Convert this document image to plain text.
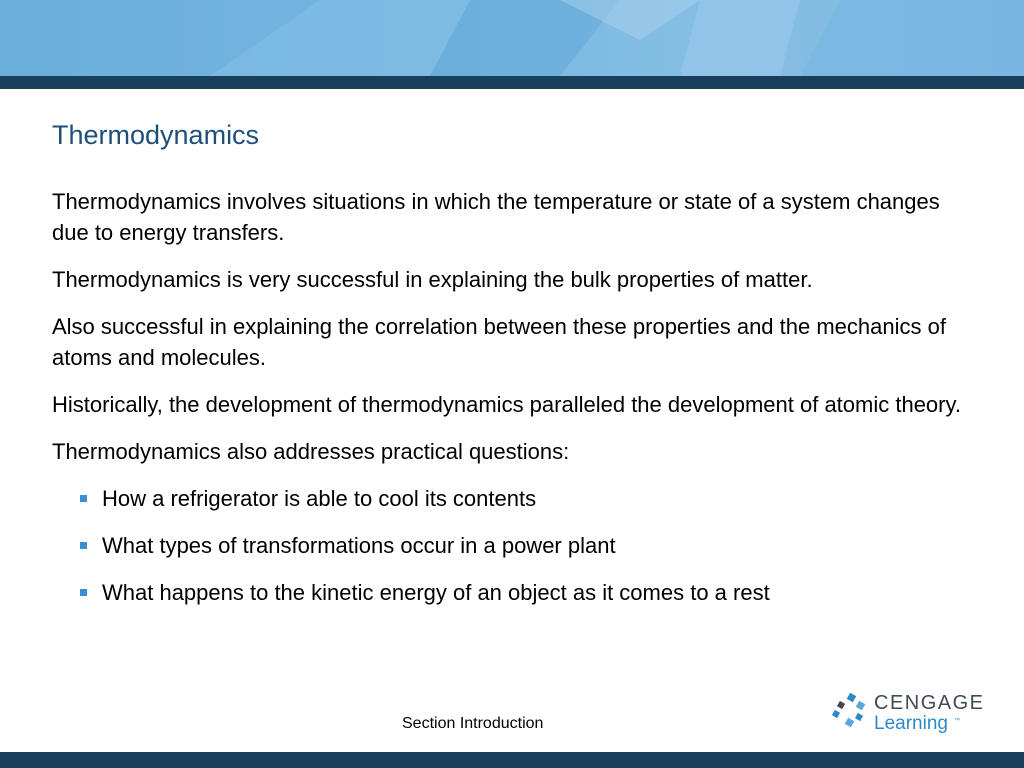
Thermodynamics

Thermodynamics involves situations in which the temperature or state of a system changes due to energy transfers.

Thermodynamics is very successful in explaining the bulk properties of matter.

Also successful in explaining the correlation between these properties and the mechanics of atoms and molecules.

Historically, the development of thermodynamics paralleled the development of atomic theory.

Thermodynamics also addresses practical questions:

How a refrigerator is able to cool its contents
What types of transformations occur in a power plant
What happens to the kinetic energy of an object as it comes to a rest
Section Introduction
CENGAGE
Learning ™
